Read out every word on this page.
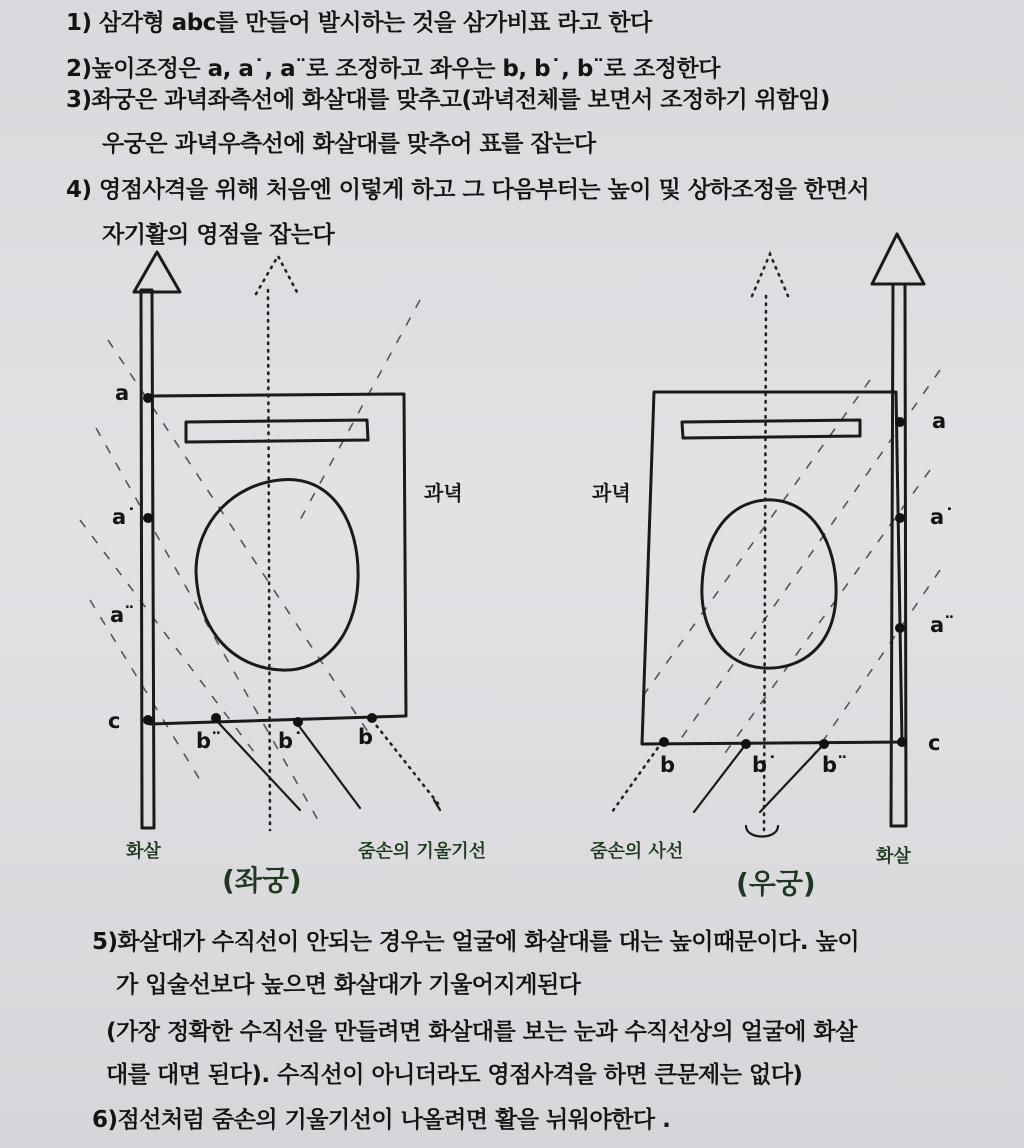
1) 삼각형 abc를 만들어 발시하는 것을 삼가비표 라고 한다

2)높이조정은 a, a˙, a¨로 조정하고 좌우는 b, b˙, b¨로 조정한다

3)좌궁은 과녁좌측선에 화살대를 맞추고(과녁전체를 보면서 조정하기 위함임)

우궁은 과녁우측선에 화살대를 맞추어 표를 잡는다

4) 영점사격을 위해 처음엔 이렇게 하고 그 다음부터는 높이 및 상하조정을 한면서

자기활의 영점을 잡는다

a
a˙
a¨
c
b¨	b˙	b
과녁
화살	줌손의 기울기선
(좌궁)
a
a˙
a¨
c
b	b˙ b¨
과녁
화살
줌손의 사선
(우궁)

5)화살대가 수직선이 안되는 경우는 얼굴에 화살대를 대는 높이때문이다. 높이

가 입술선보다 높으면 화살대가 기울어지게된다

(가장 정확한 수직선을 만들려면 화살대를 보는 눈과 수직선상의 얼굴에 화살

대를 대면 된다). 수직선이 아니더라도 영점사격을 하면 큰문제는 없다)

6)점선처럼 줌손의 기울기선이 나올려면 활을 뉘워야한다 .
